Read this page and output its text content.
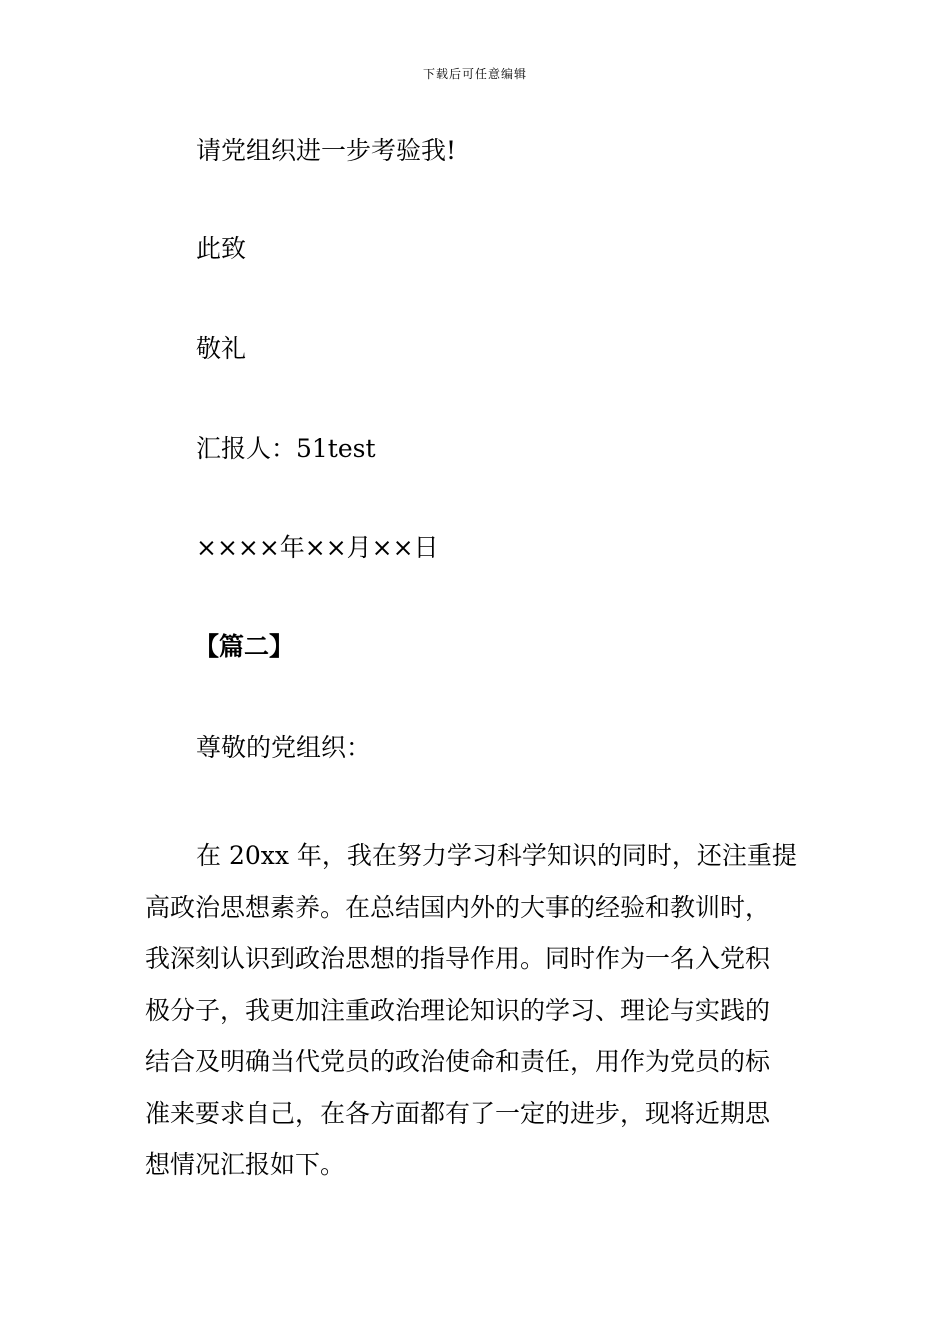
下载后可任意编辑
请党组织进一步考验我!
此致
敬礼
汇报人：51test
××××年××月××日
【篇二】
尊敬的党组织：
在 20xx 年，我在努力学习科学知识的同时，还注重提
高政治思想素养。在总结国内外的大事的经验和教训时，
我深刻认识到政治思想的指导作用。同时作为一名入党积
极分子，我更加注重政治理论知识的学习、理论与实践的
结合及明确当代党员的政治使命和责任，用作为党员的标
准来要求自己，在各方面都有了一定的进步，现将近期思
想情况汇报如下。
